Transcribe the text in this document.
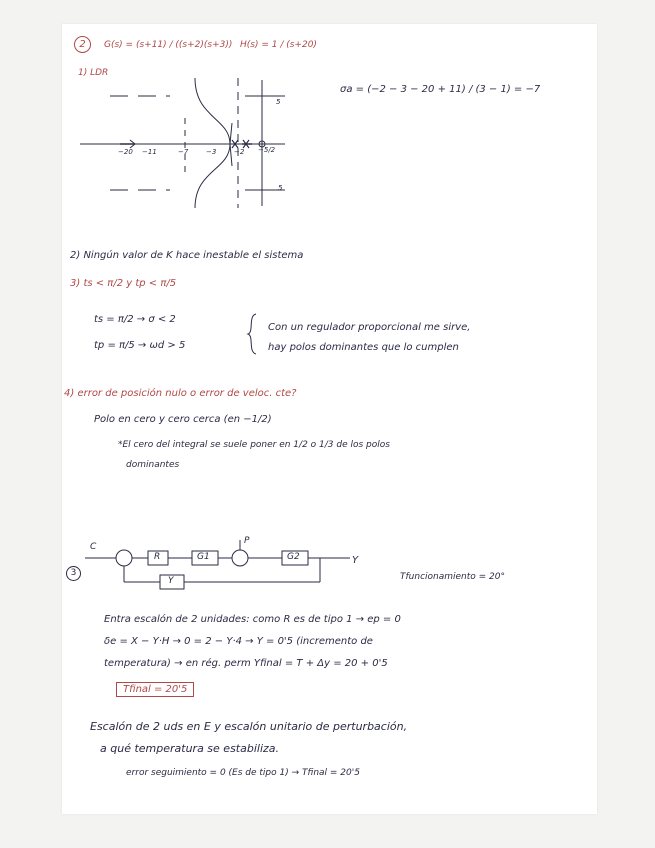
2	G(s) = (s+11) / ((s+2)(s+3)) H(s) = 1 / (s+20)
1) LDR
σa = (−2 − 3 − 20 + 11) / (3 − 1) = −7
−20 −11	−7	−3	−2 −5/2
5
5
2) Ningún valor de K hace inestable el sistema
3) ts < π/2 y tp < π/5
ts = π/2 → σ < 2
tp = π/5 → ωd > 5
Con un regulador proporcional me sirve,
hay polos dominantes que lo cumplen
4) error de posición nulo o error de veloc. cte?
Polo en cero y cero cerca (en −1/2)
*El cero del integral se suele poner en 1/2 o 1/3 de los polos
dominantes
3
C
R	G1
P
G2	Y
Y	Tfuncionamiento = 20°
Entra escalón de 2 unidades: como R es de tipo 1 → ep = 0
δe = X − Y·H → 0 = 2 − Y·4 → Y = 0'5 (incremento de
temperatura) → en rég. perm Yfinal = T + Δy = 20 + 0'5
Tfinal = 20'5
Escalón de 2 uds en E y escalón unitario de perturbación,
a qué temperatura se estabiliza.
error seguimiento = 0 (Es de tipo 1) → Tfinal = 20'5
